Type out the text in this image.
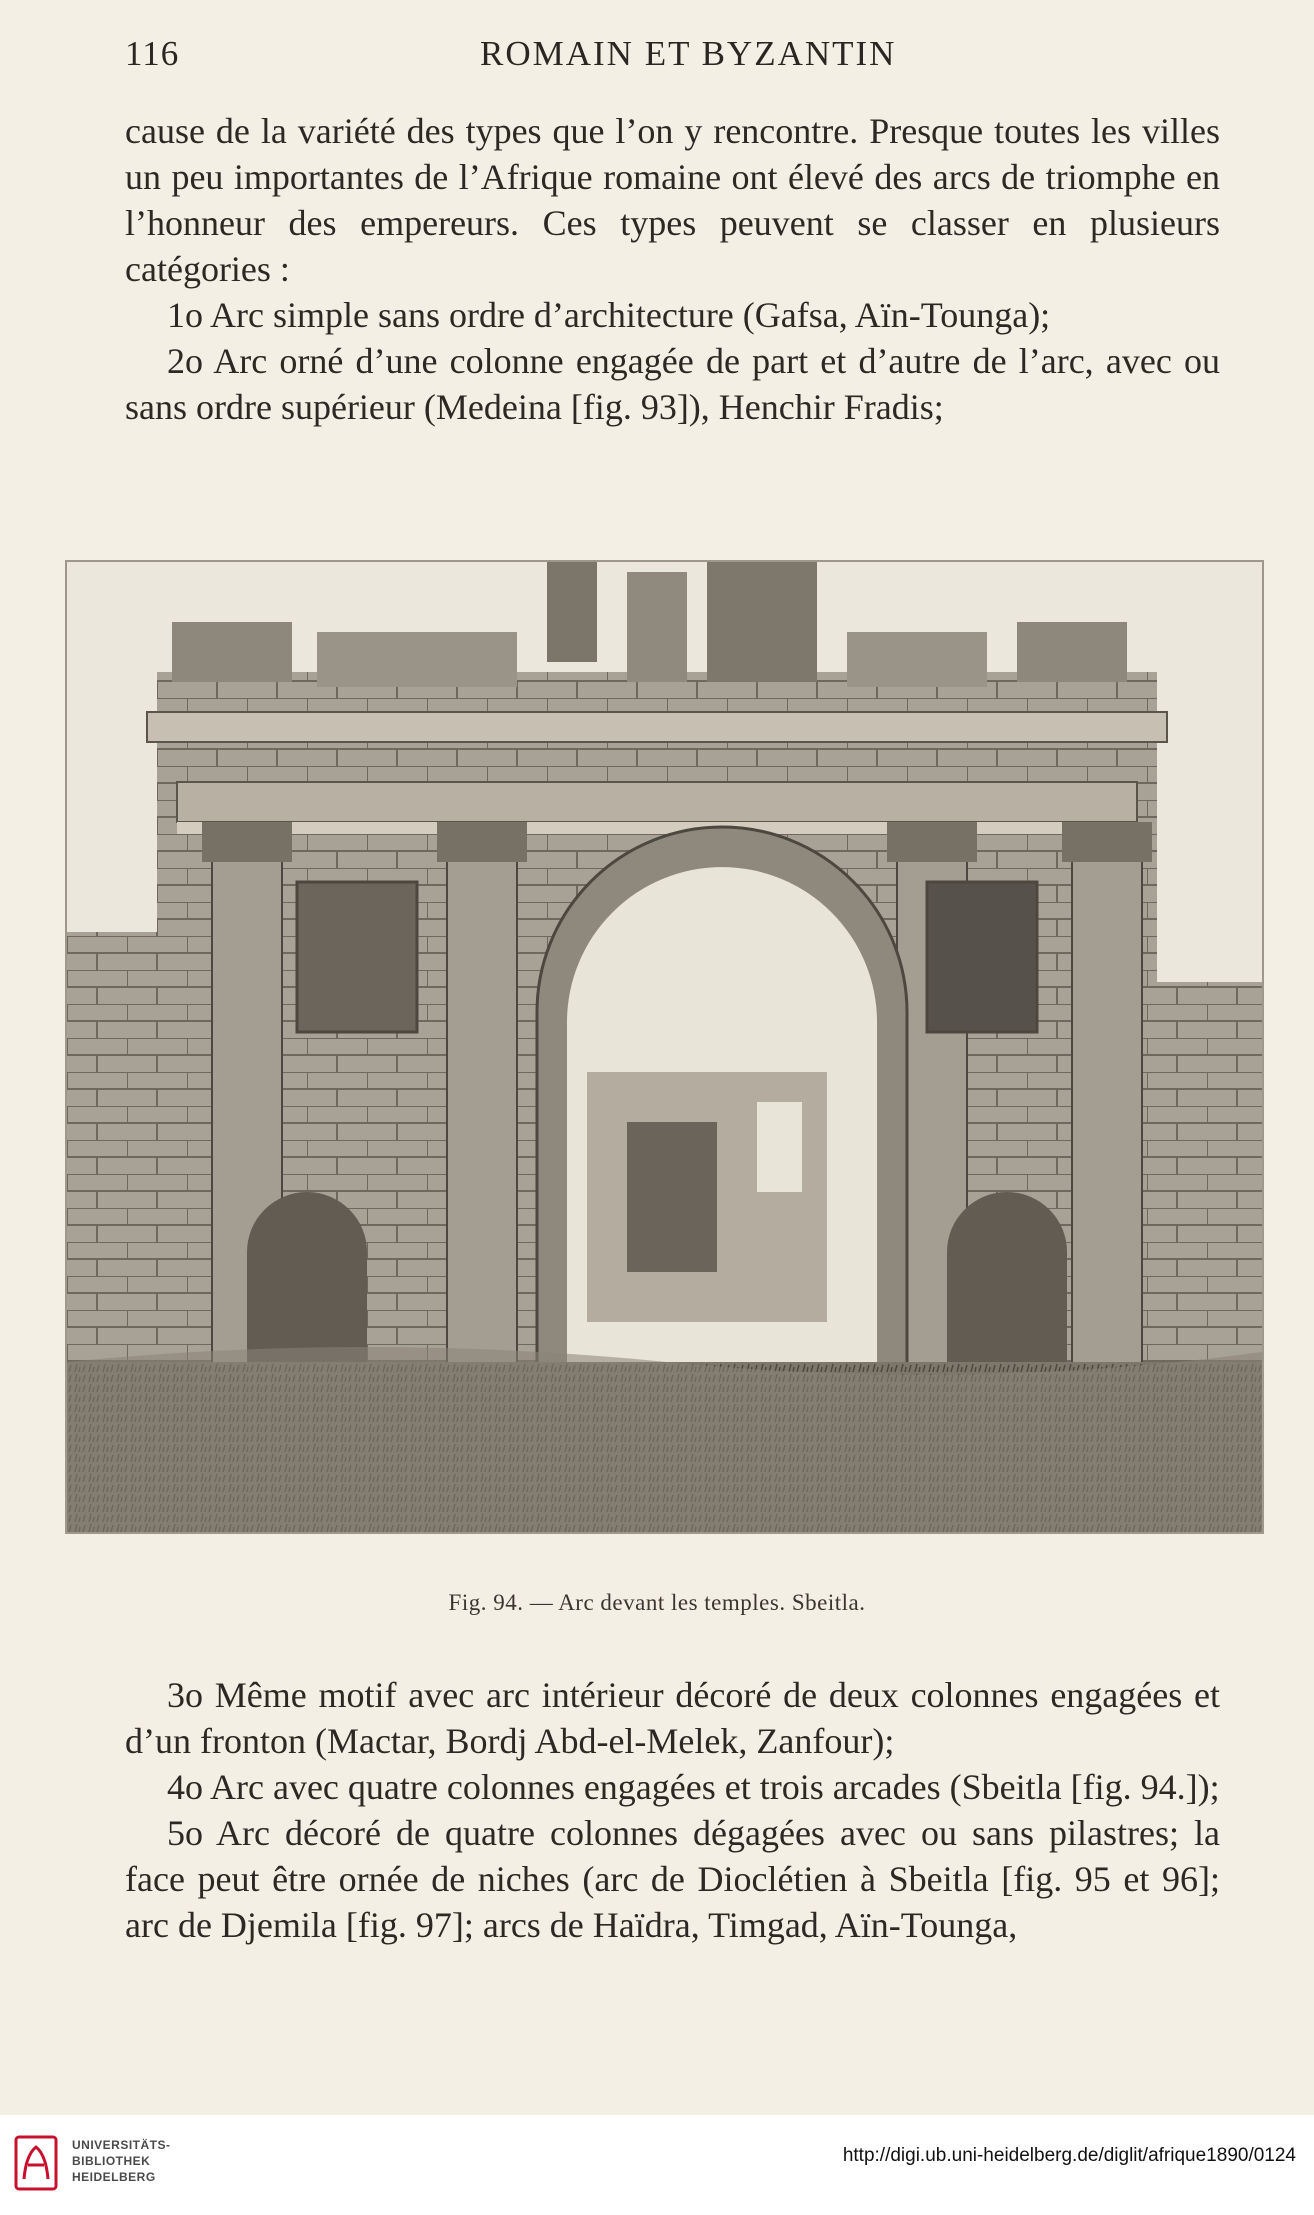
116	ROMAIN ET BYZANTIN

cause de la variété des types que l’on y rencontre. Presque toutes les villes un peu importantes de l’Afrique romaine ont élevé des arcs de triomphe en l’honneur des empereurs. Ces types peuvent se classer en plusieurs catégories :

1o Arc simple sans ordre d’architecture (Gafsa, Aïn-Tounga);

2o Arc orné d’une colonne engagée de part et d’autre de l’arc, avec ou sans ordre supérieur (Medeina [fig. 93]), Henchir Fradis;

Fig. 94. — Arc devant les temples. Sbeitla.

3o Même motif avec arc intérieur décoré de deux colonnes engagées et d’un fronton (Mactar, Bordj Abd-el-Melek, Zanfour);

4o Arc avec quatre colonnes engagées et trois arcades (Sbeitla [fig. 94.]);

5o Arc décoré de quatre colonnes dégagées avec ou sans pilastres; la face peut être ornée de niches (arc de Dioclétien à Sbeitla [fig. 95 et 96]; arc de Djemila [fig. 97]; arcs de Haïdra, Timgad, Aïn-Tounga,

UNIVERSITÄTS-
BIBLIOTHEK
HEIDELBERG
http://digi.ub.uni-heidelberg.de/diglit/afrique1890/0124
